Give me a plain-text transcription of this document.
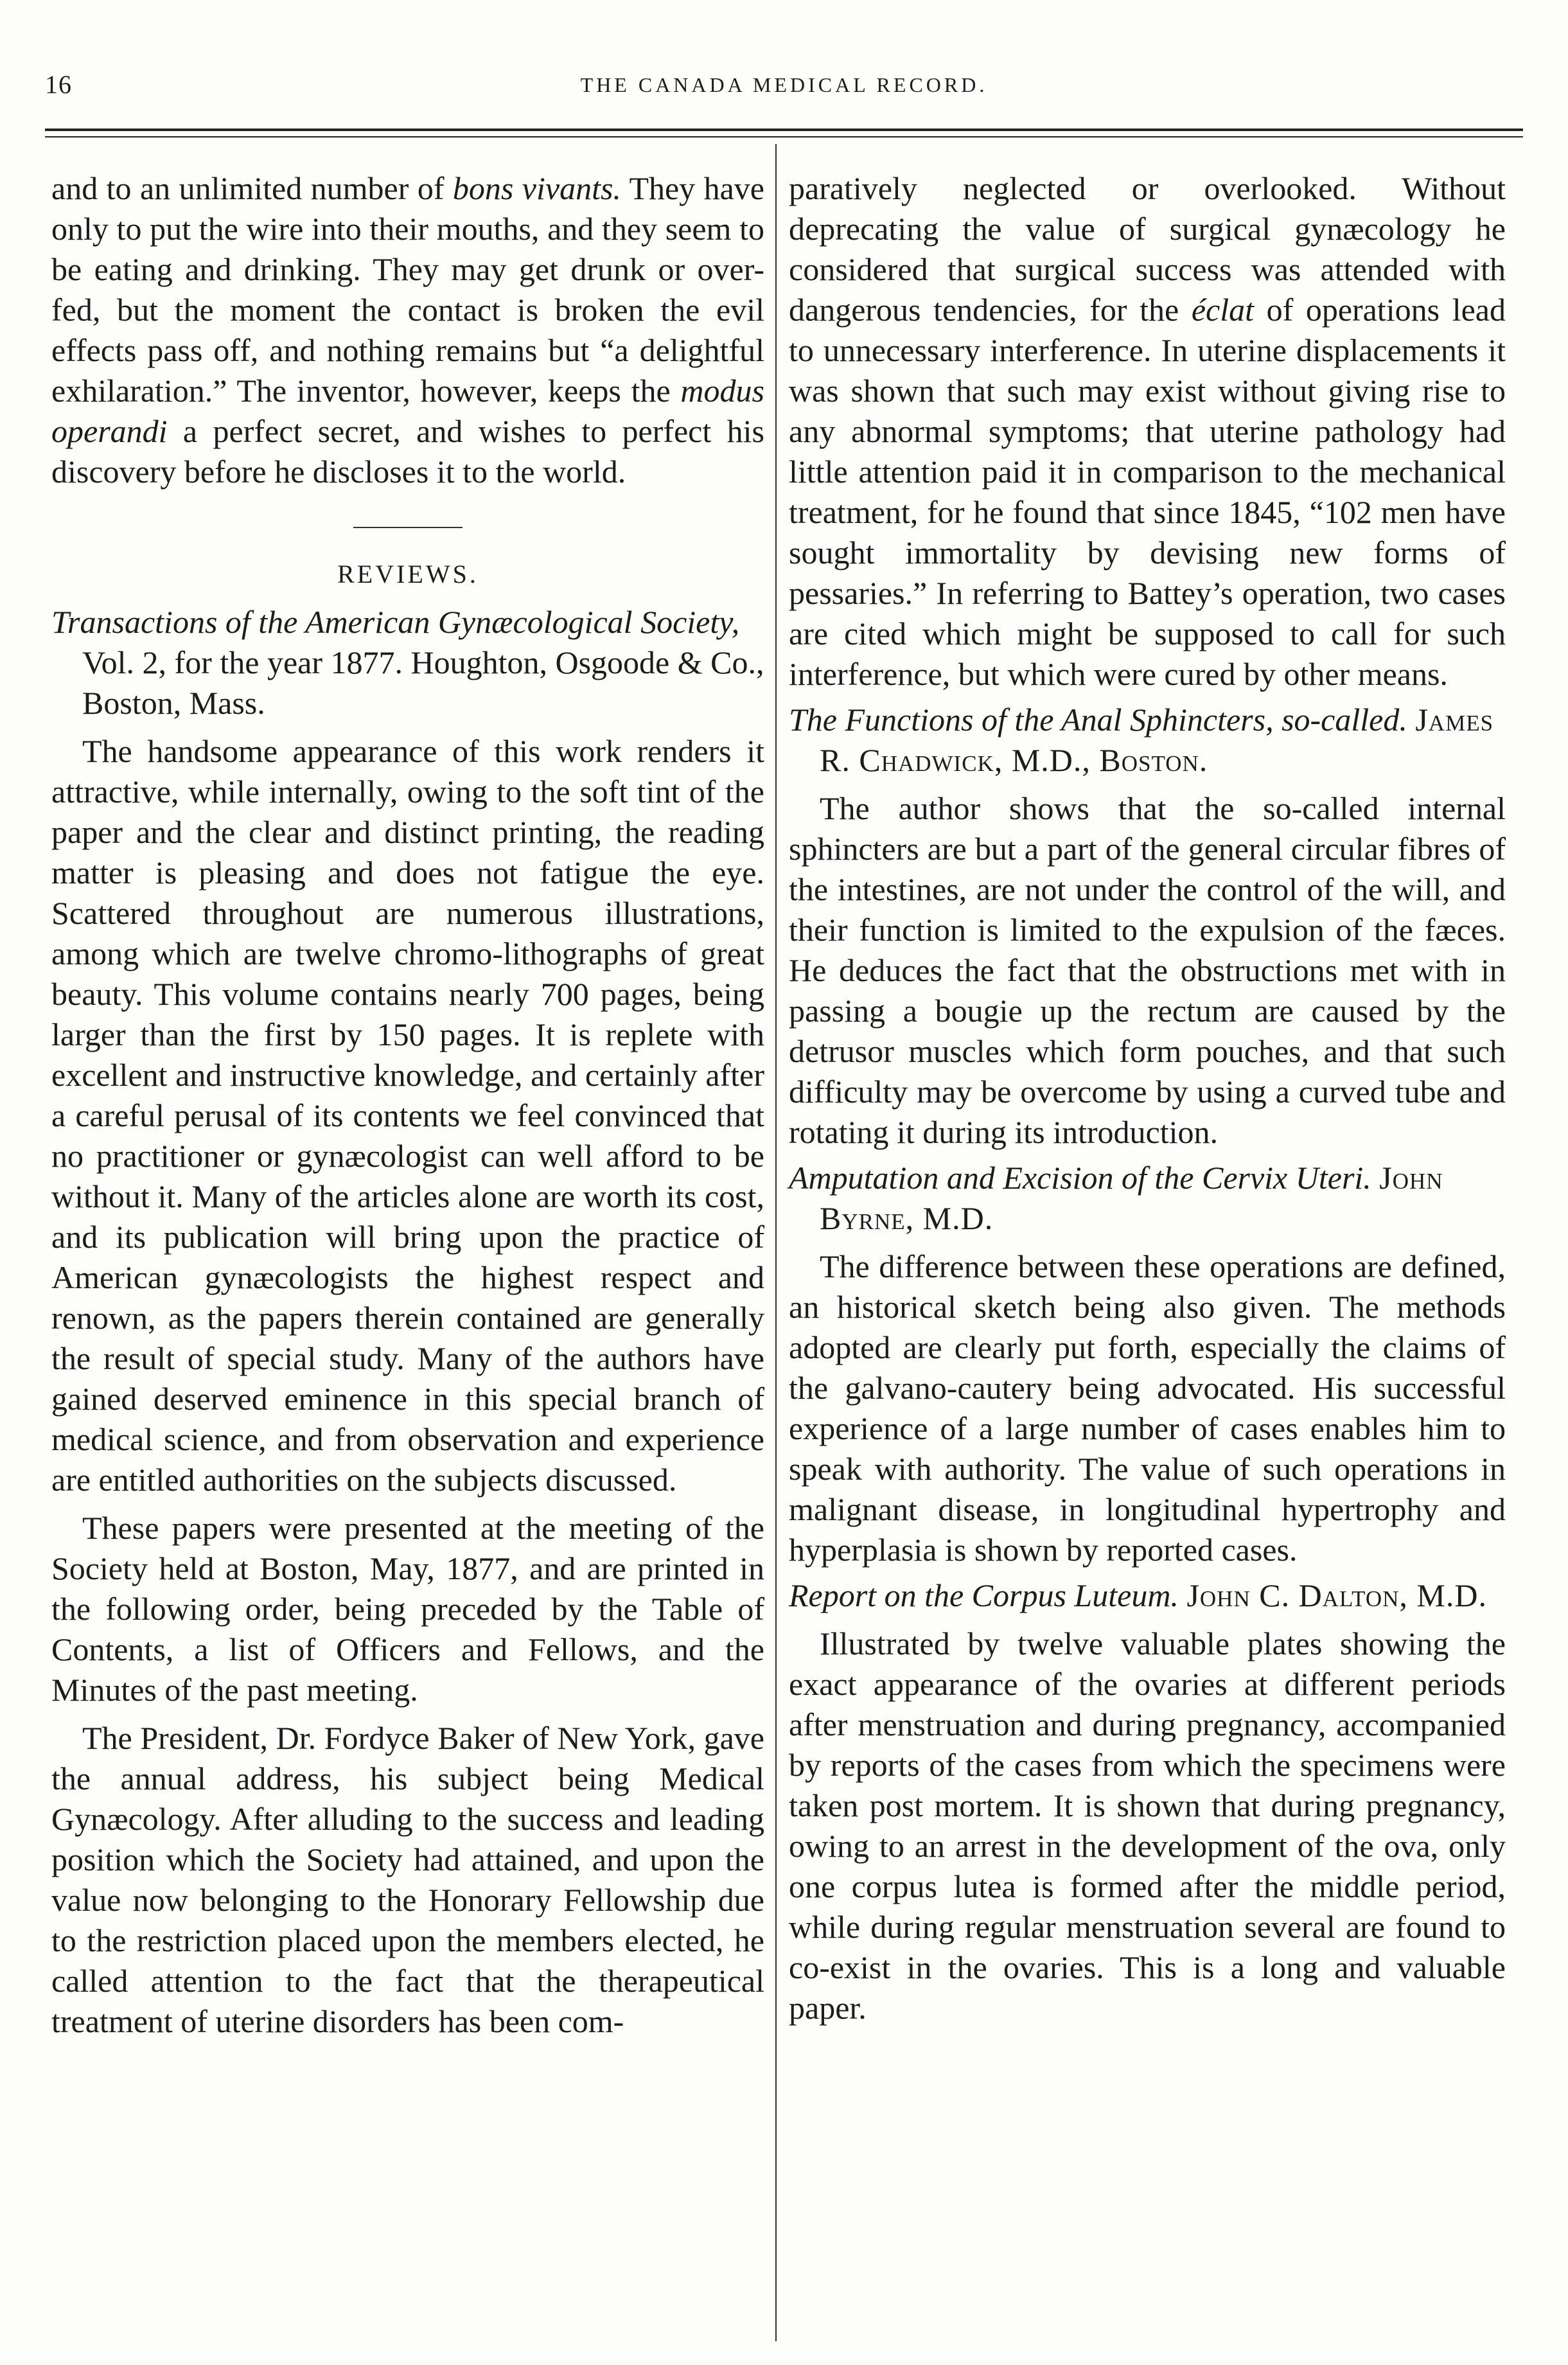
16	THE CANADA MEDICAL RECORD.

and to an unlimited number of bons vivants. They have only to put the wire into their mouths, and they seem to be eating and drinking. They may get drunk or over-fed, but the moment the contact is broken the evil effects pass off, and nothing remains but “a delightful exhilaration.” The inventor, however, keeps the modus operandi a perfect secret, and wishes to perfect his discovery before he discloses it to the world.

REVIEWS.

Transactions of the American Gynæcological Society, Vol. 2, for the year 1877. Houghton, Osgoode & Co., Boston, Mass.

The handsome appearance of this work renders it attractive, while internally, owing to the soft tint of the paper and the clear and distinct printing, the reading matter is pleasing and does not fatigue the eye. Scattered throughout are numerous illustrations, among which are twelve chromo-lithographs of great beauty. This volume contains nearly 700 pages, being larger than the first by 150 pages. It is replete with excellent and instructive knowledge, and certainly after a careful perusal of its contents we feel convinced that no practitioner or gynæcologist can well afford to be without it. Many of the articles alone are worth its cost, and its publication will bring upon the practice of American gynæcologists the highest respect and renown, as the papers therein contained are generally the result of special study. Many of the authors have gained deserved eminence in this special branch of medical science, and from observation and experience are entitled authorities on the subjects discussed.

These papers were presented at the meeting of the Society held at Boston, May, 1877, and are printed in the following order, being preceded by the Table of Contents, a list of Officers and Fellows, and the Minutes of the past meeting.

The President, Dr. Fordyce Baker of New York, gave the annual address, his subject being Medical Gynæcology. After alluding to the success and leading position which the Society had attained, and upon the value now belonging to the Honorary Fellowship due to the restriction placed upon the members elected, he called attention to the fact that the therapeutical treatment of uterine disorders has been com-

paratively neglected or overlooked. Without deprecating the value of surgical gynæcology he considered that surgical success was attended with dangerous tendencies, for the éclat of operations lead to unnecessary interference. In uterine displacements it was shown that such may exist without giving rise to any abnormal symptoms; that uterine pathology had little attention paid it in comparison to the mechanical treatment, for he found that since 1845, “102 men have sought immortality by devising new forms of pessaries.” In referring to Battey’s operation, two cases are cited which might be supposed to call for such interference, but which were cured by other means.

The Functions of the Anal Sphincters, so-called. James R. Chadwick, M.D., Boston.

The author shows that the so-called internal sphincters are but a part of the general circular fibres of the intestines, are not under the control of the will, and their function is limited to the expulsion of the fæces. He deduces the fact that the obstructions met with in passing a bougie up the rectum are caused by the detrusor muscles which form pouches, and that such difficulty may be overcome by using a curved tube and rotating it during its introduction.

Amputation and Excision of the Cervix Uteri. John Byrne, M.D.

The difference between these operations are defined, an historical sketch being also given. The methods adopted are clearly put forth, especially the claims of the galvano-cautery being advocated. His successful experience of a large number of cases enables him to speak with authority. The value of such operations in malignant disease, in longitudinal hypertrophy and hyperplasia is shown by reported cases.

Report on the Corpus Luteum. John C. Dalton, M.D.

Illustrated by twelve valuable plates showing the exact appearance of the ovaries at different periods after menstruation and during pregnancy, accompanied by reports of the cases from which the specimens were taken post mortem. It is shown that during pregnancy, owing to an arrest in the development of the ova, only one corpus lutea is formed after the middle period, while during regular menstruation several are found to co-exist in the ovaries. This is a long and valuable paper.
